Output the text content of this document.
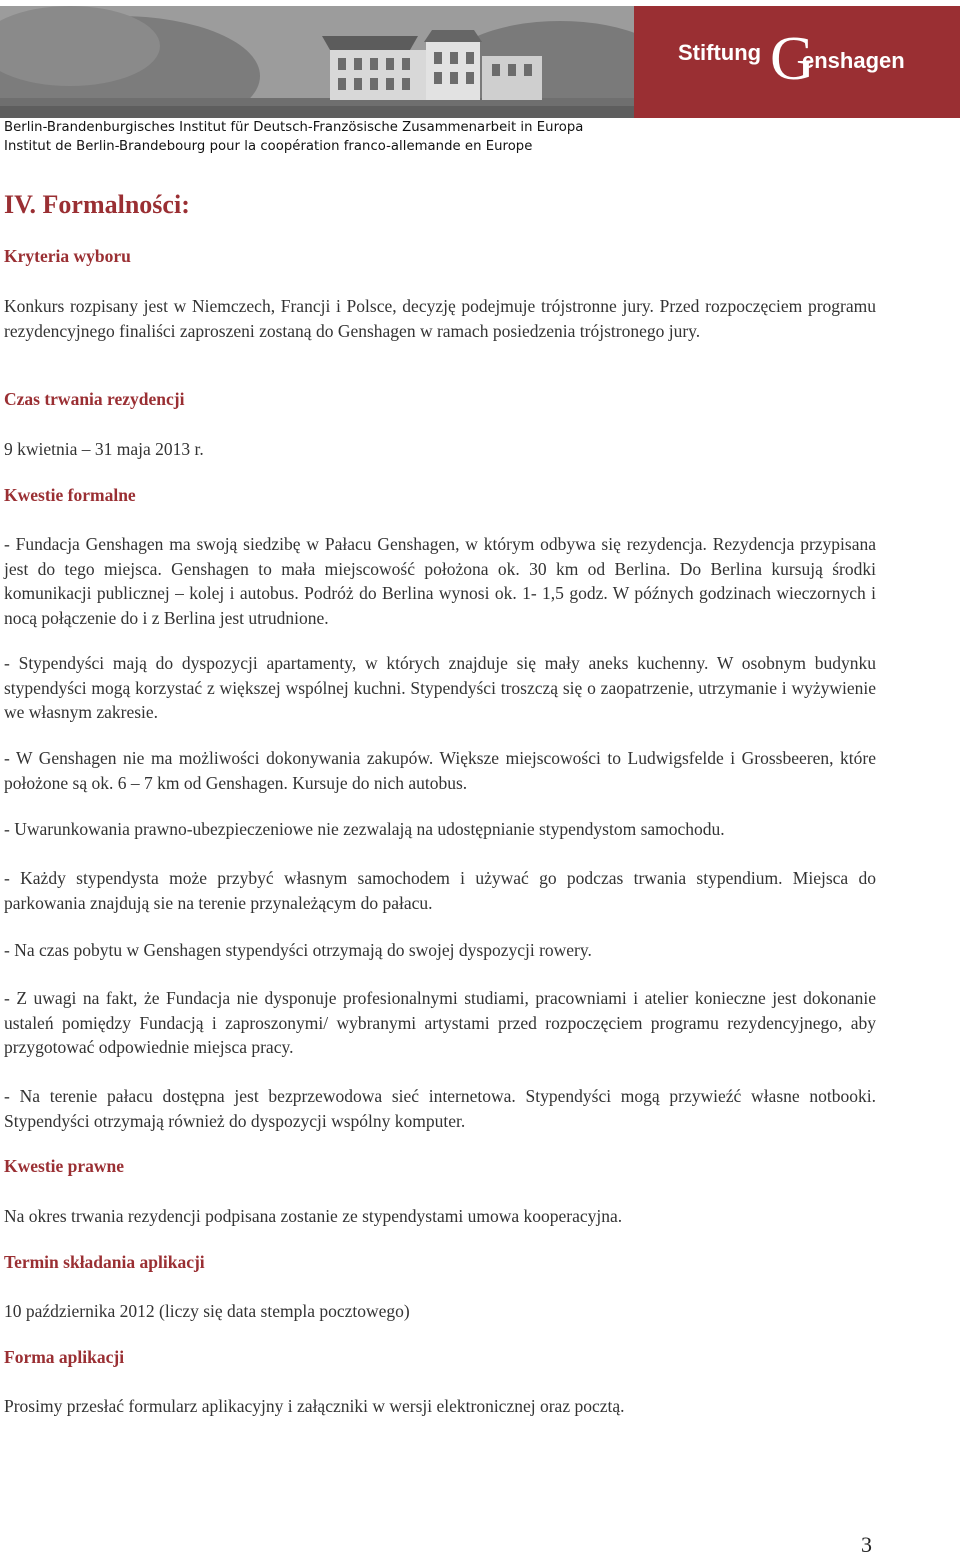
Stiftung G
enshagen
Berlin-Brandenburgisches Institut für Deutsch-Französische Zusammenarbeit in Europa
Institut de Berlin-Brandebourg pour la coopération franco-allemande en Europe
IV. Formalności:
Kryteria wyboru

Konkurs rozpisany jest w Niemczech, Francji i Polsce, decyzję podejmuje trójstronne jury. Przed rozpoczęciem programu rezydencyjnego finaliści zaproszeni zostaną do Genshagen w ramach posiedzenia trójstronego jury.

Czas trwania rezydencji

9 kwietnia – 31 maja 2013 r.

Kwestie formalne

- Fundacja Genshagen ma swoją siedzibę w Pałacu Genshagen, w którym odbywa się rezydencja. Rezydencja przypisana jest do tego miejsca. Genshagen to mała miejscowość położona ok. 30 km od Berlina. Do Berlina kursują środki komunikacji publicznej – kolej i autobus. Podróż do Berlina wynosi ok. 1- 1,5 godz. W późnych godzinach wieczornych i nocą połączenie do i z Berlina jest utrudnione.

- Stypendyści mają do dyspozycji apartamenty, w których znajduje się mały aneks kuchenny. W osobnym budynku stypendyści mogą korzystać z większej wspólnej kuchni. Stypendyści troszczą się o zaopatrzenie, utrzymanie i wyżywienie we własnym zakresie.

- W Genshagen nie ma możliwości dokonywania zakupów. Większe miejscowości to Ludwigsfelde i Grossbeeren, które położone są ok. 6 – 7 km od Genshagen. Kursuje do nich autobus.

- Uwarunkowania prawno-ubezpieczeniowe nie zezwalają na udostępnianie stypendystom samochodu.

- Każdy stypendysta może przybyć własnym samochodem i używać go podczas trwania stypendium. Miejsca do parkowania znajdują sie na terenie przynależącym do pałacu.

- Na czas pobytu w Genshagen stypendyści otrzymają do swojej dyspozycji rowery.

- Z uwagi na fakt, że Fundacja nie dysponuje profesionalnymi studiami, pracowniami i atelier konieczne jest dokonanie ustaleń pomiędzy Fundacją i zaproszonymi/ wybranymi artystami przed rozpoczęciem programu rezydencyjnego, aby przygotować odpowiednie miejsca pracy.

- Na terenie pałacu dostępna jest bezprzewodowa sieć internetowa. Stypendyści mogą przywieźć własne notbooki. Stypendyści otrzymają również do dyspozycji wspólny komputer.

Kwestie prawne

Na okres trwania rezydencji podpisana zostanie ze stypendystami umowa kooperacyjna.

Termin składania aplikacji

10 października 2012 (liczy się data stempla pocztowego)

Forma aplikacji

Prosimy przesłać formularz aplikacyjny i załączniki w wersji elektronicznej oraz pocztą.

3
